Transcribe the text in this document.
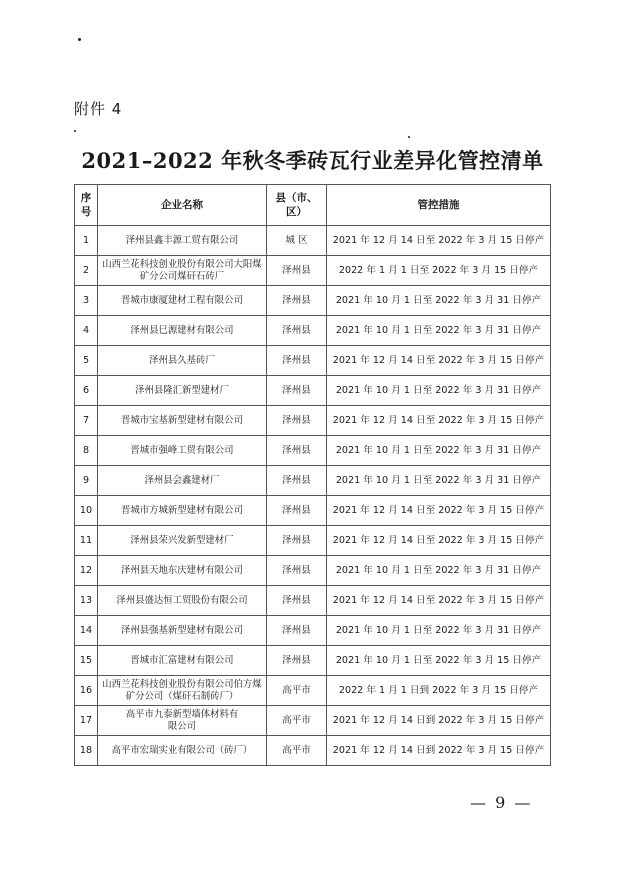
附件 4
2021–2022 年秋冬季砖瓦行业差异化管控清单
序号	企业名称	县（市、区）	管控措施
1	泽州县鑫丰源工贸有限公司	城 区	2021 年 12 月 14 日至 2022 年 3 月 15 日停产
2	山西兰花科技创业股份有限公司大阳煤矿分公司煤矸石砖厂	泽州县	2022 年 1 月 1 日至 2022 年 3 月 15 日停产
3	晋城市康厦建材工程有限公司	泽州县	2021 年 10 月 1 日至 2022 年 3 月 31 日停产
4	泽州县巳源建材有限公司	泽州县	2021 年 10 月 1 日至 2022 年 3 月 31 日停产
5	泽州县久基砖厂	泽州县	2021 年 12 月 14 日至 2022 年 3 月 15 日停产
6	泽州县隆汇新型建材厂	泽州县	2021 年 10 月 1 日至 2022 年 3 月 31 日停产
7	晋城市宝基新型建材有限公司	泽州县	2021 年 12 月 14 日至 2022 年 3 月 15 日停产
8	晋城市强峰工贸有限公司	泽州县	2021 年 10 月 1 日至 2022 年 3 月 31 日停产
9	泽州县会鑫建材厂	泽州县	2021 年 10 月 1 日至 2022 年 3 月 31 日停产
10	晋城市方城新型建材有限公司	泽州县	2021 年 12 月 14 日至 2022 年 3 月 15 日停产
11	泽州县荣兴发新型建材厂	泽州县	2021 年 12 月 14 日至 2022 年 3 月 15 日停产
12	泽州县天地东庆建材有限公司	泽州县	2021 年 10 月 1 日至 2022 年 3 月 31 日停产
13	泽州县盛达恒工贸股份有限公司	泽州县	2021 年 12 月 14 日至 2022 年 3 月 15 日停产
14	泽州县强基新型建材有限公司	泽州县	2021 年 10 月 1 日至 2022 年 3 月 31 日停产
15	晋城市汇富建材有限公司	泽州县	2021 年 10 月 1 日至 2022 年 3 月 15 日停产
16	山西兰花科技创业股份有限公司伯方煤矿分公司（煤矸石制砖厂）	高平市	2022 年 1 月 1 日到 2022 年 3 月 15 日停产
17	高平市九泰新型墙体材料有限公司	高平市	2021 年 12 月 14 日到 2022 年 3 月 15 日停产
18	高平市宏瑞实业有限公司（砖厂）	高平市	2021 年 12 月 14 日到 2022 年 3 月 15 日停产
— 9 —
